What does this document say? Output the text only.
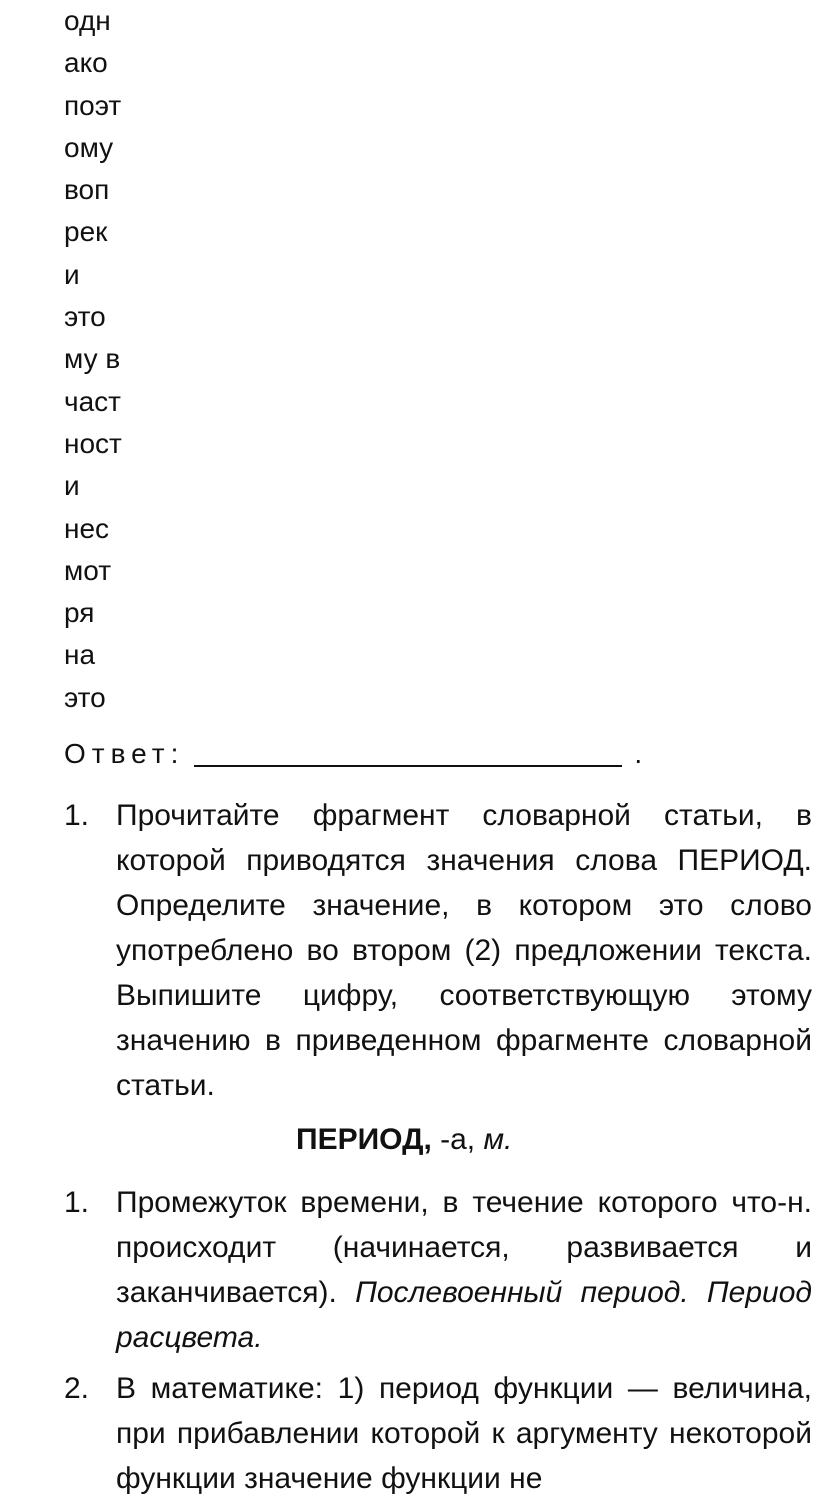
одн
ако
поэт
ому
воп
рек
и
это
му в
част
ност
и
нес
мот
ря
на
это
Ответ:	.
1. Прочитайте фрагмент словарной статьи, в которой приводятся значения слова ПЕРИОД. Определите значение, в котором это слово употреблено во втором (2) предложении текста. Выпишите цифру, соответствующую этому значению в приведенном фрагменте словарной статьи.
ПЕРИОД, -а, м.
1. Промежуток времени, в течение которого что-н. происходит (начинается, развивается и заканчивается). Послевоенный период. Период расцвета.
2. В математике: 1) период функции — величина, при прибавлении которой к аргументу некоторой функции значение функции не
